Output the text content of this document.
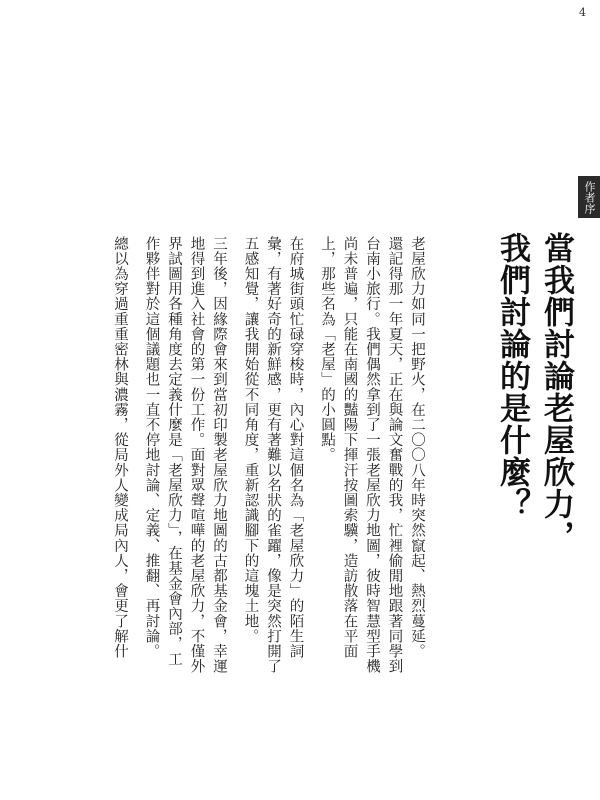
4
作者序
當我們討論老屋欣力，
我們討論的是什麼？

老屋欣力如同一把野火，在二〇〇八年時突然竄起、熱烈蔓延。

還記得那一年夏天，正在與論文奮戰的我，忙裡偷閒地跟著同學到台南小旅行。我們偶然拿到了一張老屋欣力地圖，彼時智慧型手機尚未普遍，只能在南國的豔陽下揮汗按圖索驥，造訪散落在平面上，那些名為「老屋」的小圓點。

在府城街頭忙碌穿梭時，內心對這個名為「老屋欣力」的陌生詞彙，有著好奇的新鮮感，更有著難以名狀的雀躍，像是突然打開了五感知覺，讓我開始從不同角度，重新認識腳下的這塊土地。

三年後，因緣際會來到當初印製老屋欣力地圖的古都基金會，幸運地得到進入社會的第一份工作。面對眾聲喧嘩的老屋欣力，不僅外界試圖用各種角度去定義什麼是「老屋欣力」，在基金會內部，工作夥伴對於這個議題也一直不停地討論、定義、推翻、再討論。

總以為穿過重重密林與濃霧，從局外人變成局內人，會更了解什
